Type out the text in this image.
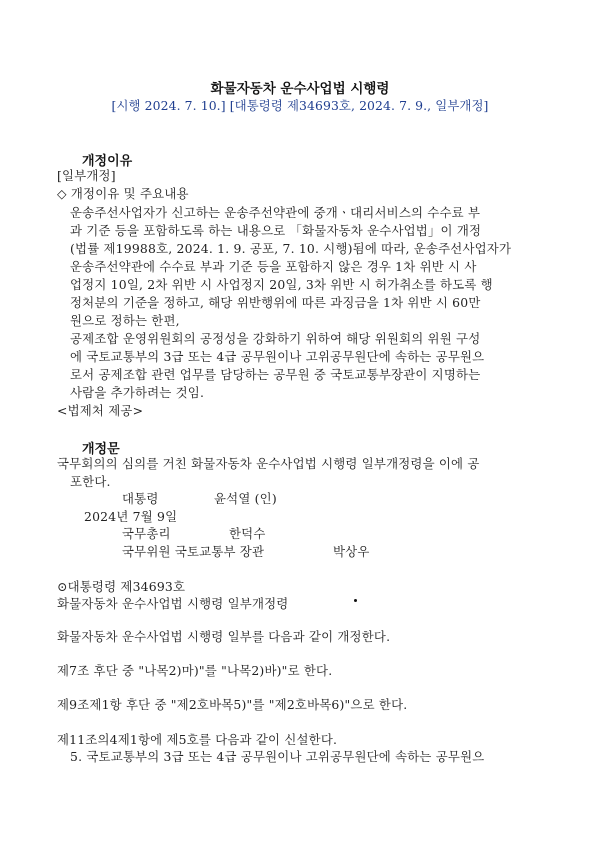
화물자동차 운수사업법 시행령
[시행 2024. 7. 10.] [대통령령 제34693호, 2024. 7. 9., 일부개정]
개정이유
[일부개정]
◇ 개정이유 및 주요내용
운송주선사업자가 신고하는 운송주선약관에 중개ㆍ대리서비스의 수수료 부
과 기준 등을 포함하도록 하는 내용으로 「화물자동차 운수사업법」이 개정
(법률 제19988호, 2024. 1. 9. 공포, 7. 10. 시행)됨에 따라, 운송주선사업자가
운송주선약관에 수수료 부과 기준 등을 포함하지 않은 경우 1차 위반 시 사
업정지 10일, 2차 위반 시 사업정지 20일, 3차 위반 시 허가취소를 하도록 행
정처분의 기준을 정하고, 해당 위반행위에 따른 과징금을 1차 위반 시 60만
원으로 정하는 한편,
공제조합 운영위원회의 공정성을 강화하기 위하여 해당 위원회의 위원 구성
에 국토교통부의 3급 또는 4급 공무원이나 고위공무원단에 속하는 공무원으
로서 공제조합 관련 업무를 담당하는 공무원 중 국토교통부장관이 지명하는
사람을 추가하려는 것임.
<법제처 제공>
개정문
국무회의의 심의를 거친 화물자동차 운수사업법 시행령 일부개정령을 이에 공
포한다.
대통령	윤석열 (인)
2024년 7월 9일
국무총리	한덕수
국무위원 국토교통부 장관	박상우
⊙대통령령 제34693호
화물자동차 운수사업법 시행령 일부개정령
화물자동차 운수사업법 시행령 일부를 다음과 같이 개정한다.
제7조 후단 중 "나목2)마)"를 "나목2)바)"로 한다.
제9조제1항 후단 중 "제2호바목5)"를 "제2호바목6)"으로 한다.
제11조의4제1항에 제5호를 다음과 같이 신설한다.
5. 국토교통부의 3급 또는 4급 공무원이나 고위공무원단에 속하는 공무원으
